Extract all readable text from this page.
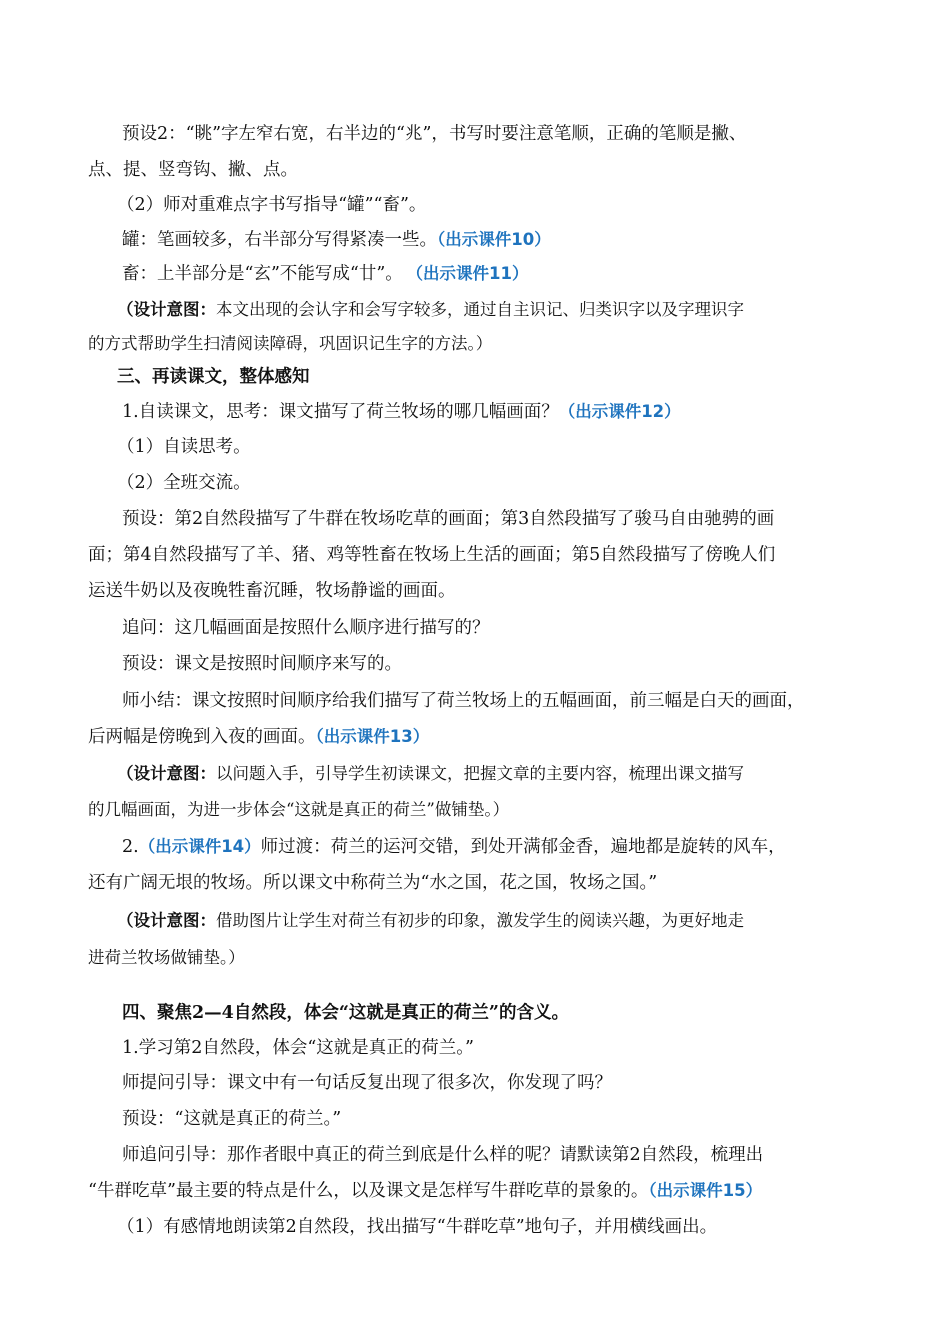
预设2：“眺”字左窄右宽，右半边的“兆”，书写时要注意笔顺，正确的笔顺是撇、
点、提、竖弯钩、撇、点。
（2）师对重难点字书写指导“罐”“畜”。
罐：笔画较多，右半部分写得紧凑一些。（出示课件10）
畜：上半部分是“玄”不能写成“廿”。 （出示课件11）
（设计意图：本文出现的会认字和会写字较多，通过自主识记、归类识字以及字理识字
的方式帮助学生扫清阅读障碍，巩固识记生字的方法。）
三、再读课文，整体感知
1.自读课文，思考：课文描写了荷兰牧场的哪几幅画面？（出示课件12）
（1）自读思考。
（2）全班交流。
预设：第2自然段描写了牛群在牧场吃草的画面；第3自然段描写了骏马自由驰骋的画
面；第4自然段描写了羊、猪、鸡等牲畜在牧场上生活的画面；第5自然段描写了傍晚人们
运送牛奶以及夜晚牲畜沉睡，牧场静谧的画面。
追问：这几幅画面是按照什么顺序进行描写的？
预设：课文是按照时间顺序来写的。
师小结：课文按照时间顺序给我们描写了荷兰牧场上的五幅画面，前三幅是白天的画面，
后两幅是傍晚到入夜的画面。（出示课件13）
（设计意图：以问题入手，引导学生初读课文，把握文章的主要内容，梳理出课文描写
的几幅画面，为进一步体会“这就是真正的荷兰”做铺垫。）
2.（出示课件14）师过渡：荷兰的运河交错，到处开满郁金香，遍地都是旋转的风车，
还有广阔无垠的牧场。所以课文中称荷兰为“水之国，花之国，牧场之国。”
（设计意图：借助图片让学生对荷兰有初步的印象，激发学生的阅读兴趣，为更好地走
进荷兰牧场做铺垫。）
四、聚焦2—4自然段，体会“这就是真正的荷兰”的含义。
1.学习第2自然段，体会“这就是真正的荷兰。”
师提问引导：课文中有一句话反复出现了很多次，你发现了吗？
预设：“这就是真正的荷兰。”
师追问引导：那作者眼中真正的荷兰到底是什么样的呢？请默读第2自然段，梳理出
“牛群吃草”最主要的特点是什么，以及课文是怎样写牛群吃草的景象的。（出示课件15）
（1）有感情地朗读第2自然段，找出描写“牛群吃草”地句子，并用横线画出。
